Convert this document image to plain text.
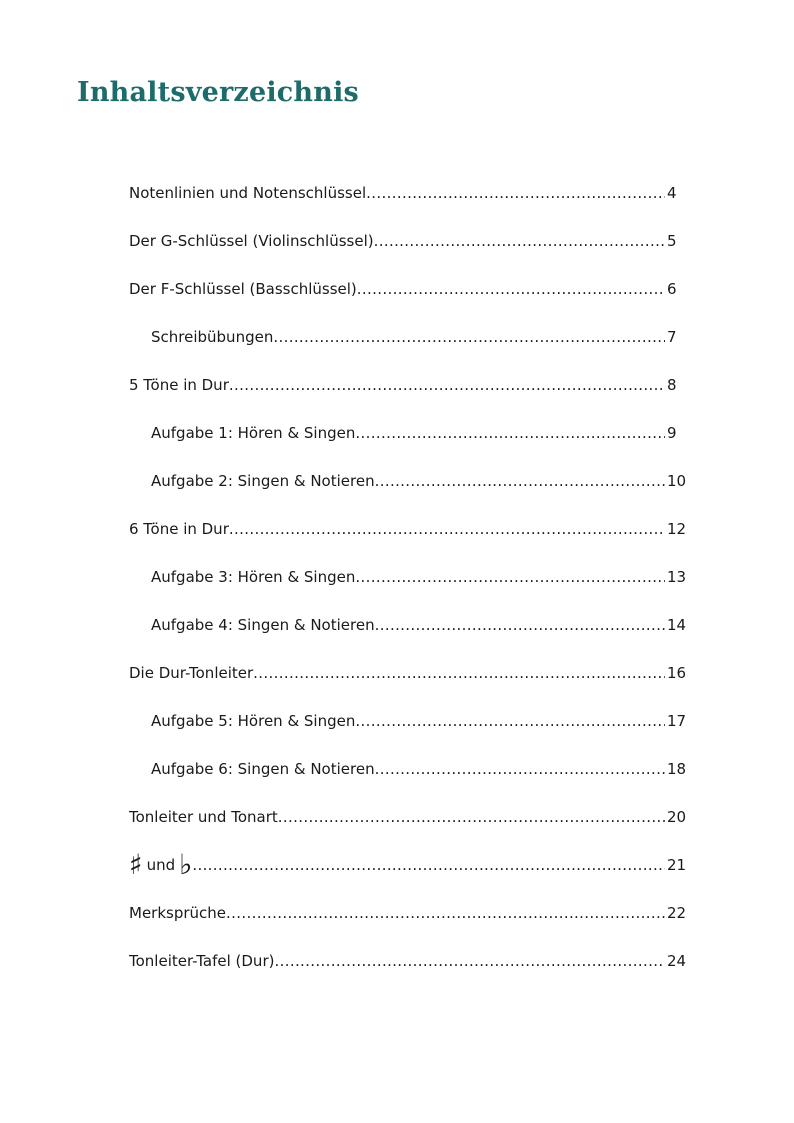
Inhaltsverzeichnis
Notenlinien und Notenschlüssel .....	4
Der G-Schlüssel (Violinschlüssel) .....	5
Der F-Schlüssel (Basschlüssel) .....	6
Schreibübungen .....	7
5 Töne in Dur .....	8
Aufgabe 1: Hören & Singen .....	9
Aufgabe 2: Singen & Notieren .....	10
6 Töne in Dur .....	12
Aufgabe 3: Hören & Singen .....	13
Aufgabe 4: Singen & Notieren .....	14
Die Dur-Tonleiter .....	16
Aufgabe 5: Hören & Singen .....	17
Aufgabe 6: Singen & Notieren .....	18
Tonleiter und Tonart .....	20
♯ und ♭ .....	21
Merksprüche .....	22
Tonleiter-Tafel (Dur) .....	24
